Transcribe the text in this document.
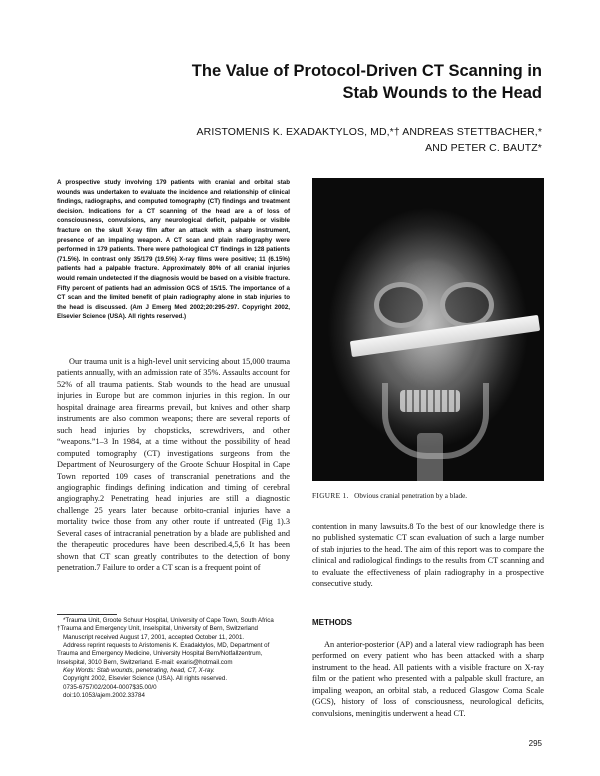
The Value of Protocol-Driven CT Scanning in
Stab Wounds to the Head
ARISTOMENIS K. EXADAKTYLOS, MD,*† ANDREAS STETTBACHER,*
AND PETER C. BAUTZ*
A prospective study involving 179 patients with cranial and orbital stab wounds was undertaken to evaluate the incidence and relationship of clinical findings, radiographs, and computed tomography (CT) findings and treatment decision. Indications for a CT scanning of the head are a of loss of consciousness, convulsions, any neurological deficit, palpable or visible fracture on the skull X-ray film after an attack with a sharp instrument, presence of an impaling weapon. A CT scan and plain radiography were performed in 179 patients. There were pathological CT findings in 128 patients (71.5%). In contrast only 35/179 (19.5%) X-ray films were positive; 11 (6.15%) patients had a palpable fracture. Approximately 80% of all cranial injuries would remain undetected if the diagnosis would be based on a visible fracture. Fifty percent of patients had an admission GCS of 15/15. The importance of a CT scan and the limited benefit of plain radiography alone in stab injuries to the head is discussed. (Am J Emerg Med 2002;20:295-297. Copyright 2002, Elsevier Science (USA). All rights reserved.)

Our trauma unit is a high-level unit servicing about 15,000 trauma patients annually, with an admission rate of 35%. Assaults account for 52% of all trauma patients. Stab wounds to the head are unusual injuries in Europe but are common injuries in this region. In our hospital drainage area firearms prevail, but knives and other sharp instruments are also common weapons; there are several reports of such head injuries by chopsticks, screwdrivers, and other “weapons.”1–3 In 1984, at a time without the possibility of head computed tomography (CT) investigations surgeons from the Department of Neurosurgery of the Groote Schuur Hospital in Cape Town reported 109 cases of transcranial penetrations and the angiographic findings defining indication and timing of cerebral angiography.2 Penetrating head injuries are still a diagnostic challenge 25 years later because orbito-cranial injuries have a mortality twice those from any other route if untreated (Fig 1).3 Several cases of intracranial penetration by a blade are published and the therapeutic procedures have been described.4,5,6 It has been shown that CT scan greatly contributes to the detection of bony penetration.7 Failure to order a CT scan is a frequent point of

FIGURE 1. Obvious cranial penetration by a blade.

contention in many lawsuits.8 To the best of our knowledge there is no published systematic CT scan evaluation of such a large number of stab injuries to the head. The aim of this report was to compare the clinical and radiological findings to the results from CT scanning and to evaluate the effectiveness of plain radiography in a prospective consecutive study.

METHODS

An anterior-posterior (AP) and a lateral view radiograph has been performed on every patient who has been attacked with a sharp instrument to the head. All patients with a visible fracture on X-ray film or the patient who presented with a palpable skull fracture, an impaling weapon, an orbital stab, a reduced Glasgow Coma Scale (GCS), history of loss of consciousness, neurological deficits, convulsions, meningitis underwent a head CT.

*Trauma Unit, Groote Schuur Hospital, University of Cape Town, South Africa †Trauma and Emergency Unit, Inselspital, University of Bern, Switzerland
Manuscript received August 17, 2001, accepted October 11, 2001.
Address reprint requests to Aristomenis K. Exadaktylos, MD, Department of Trauma and Emergency Medicine, University Hospital Bern/Notfallzentrum, Inselspital, 3010 Bern, Switzerland. E-mail: exaris@hotmail.com
Key Words: Stab wounds, penetrating, head, CT, X-ray.
Copyright 2002, Elsevier Science (USA). All rights reserved.
0735-6757/02/2004-0007$35.00/0
doi:10.1053/ajem.2002.33784
295
